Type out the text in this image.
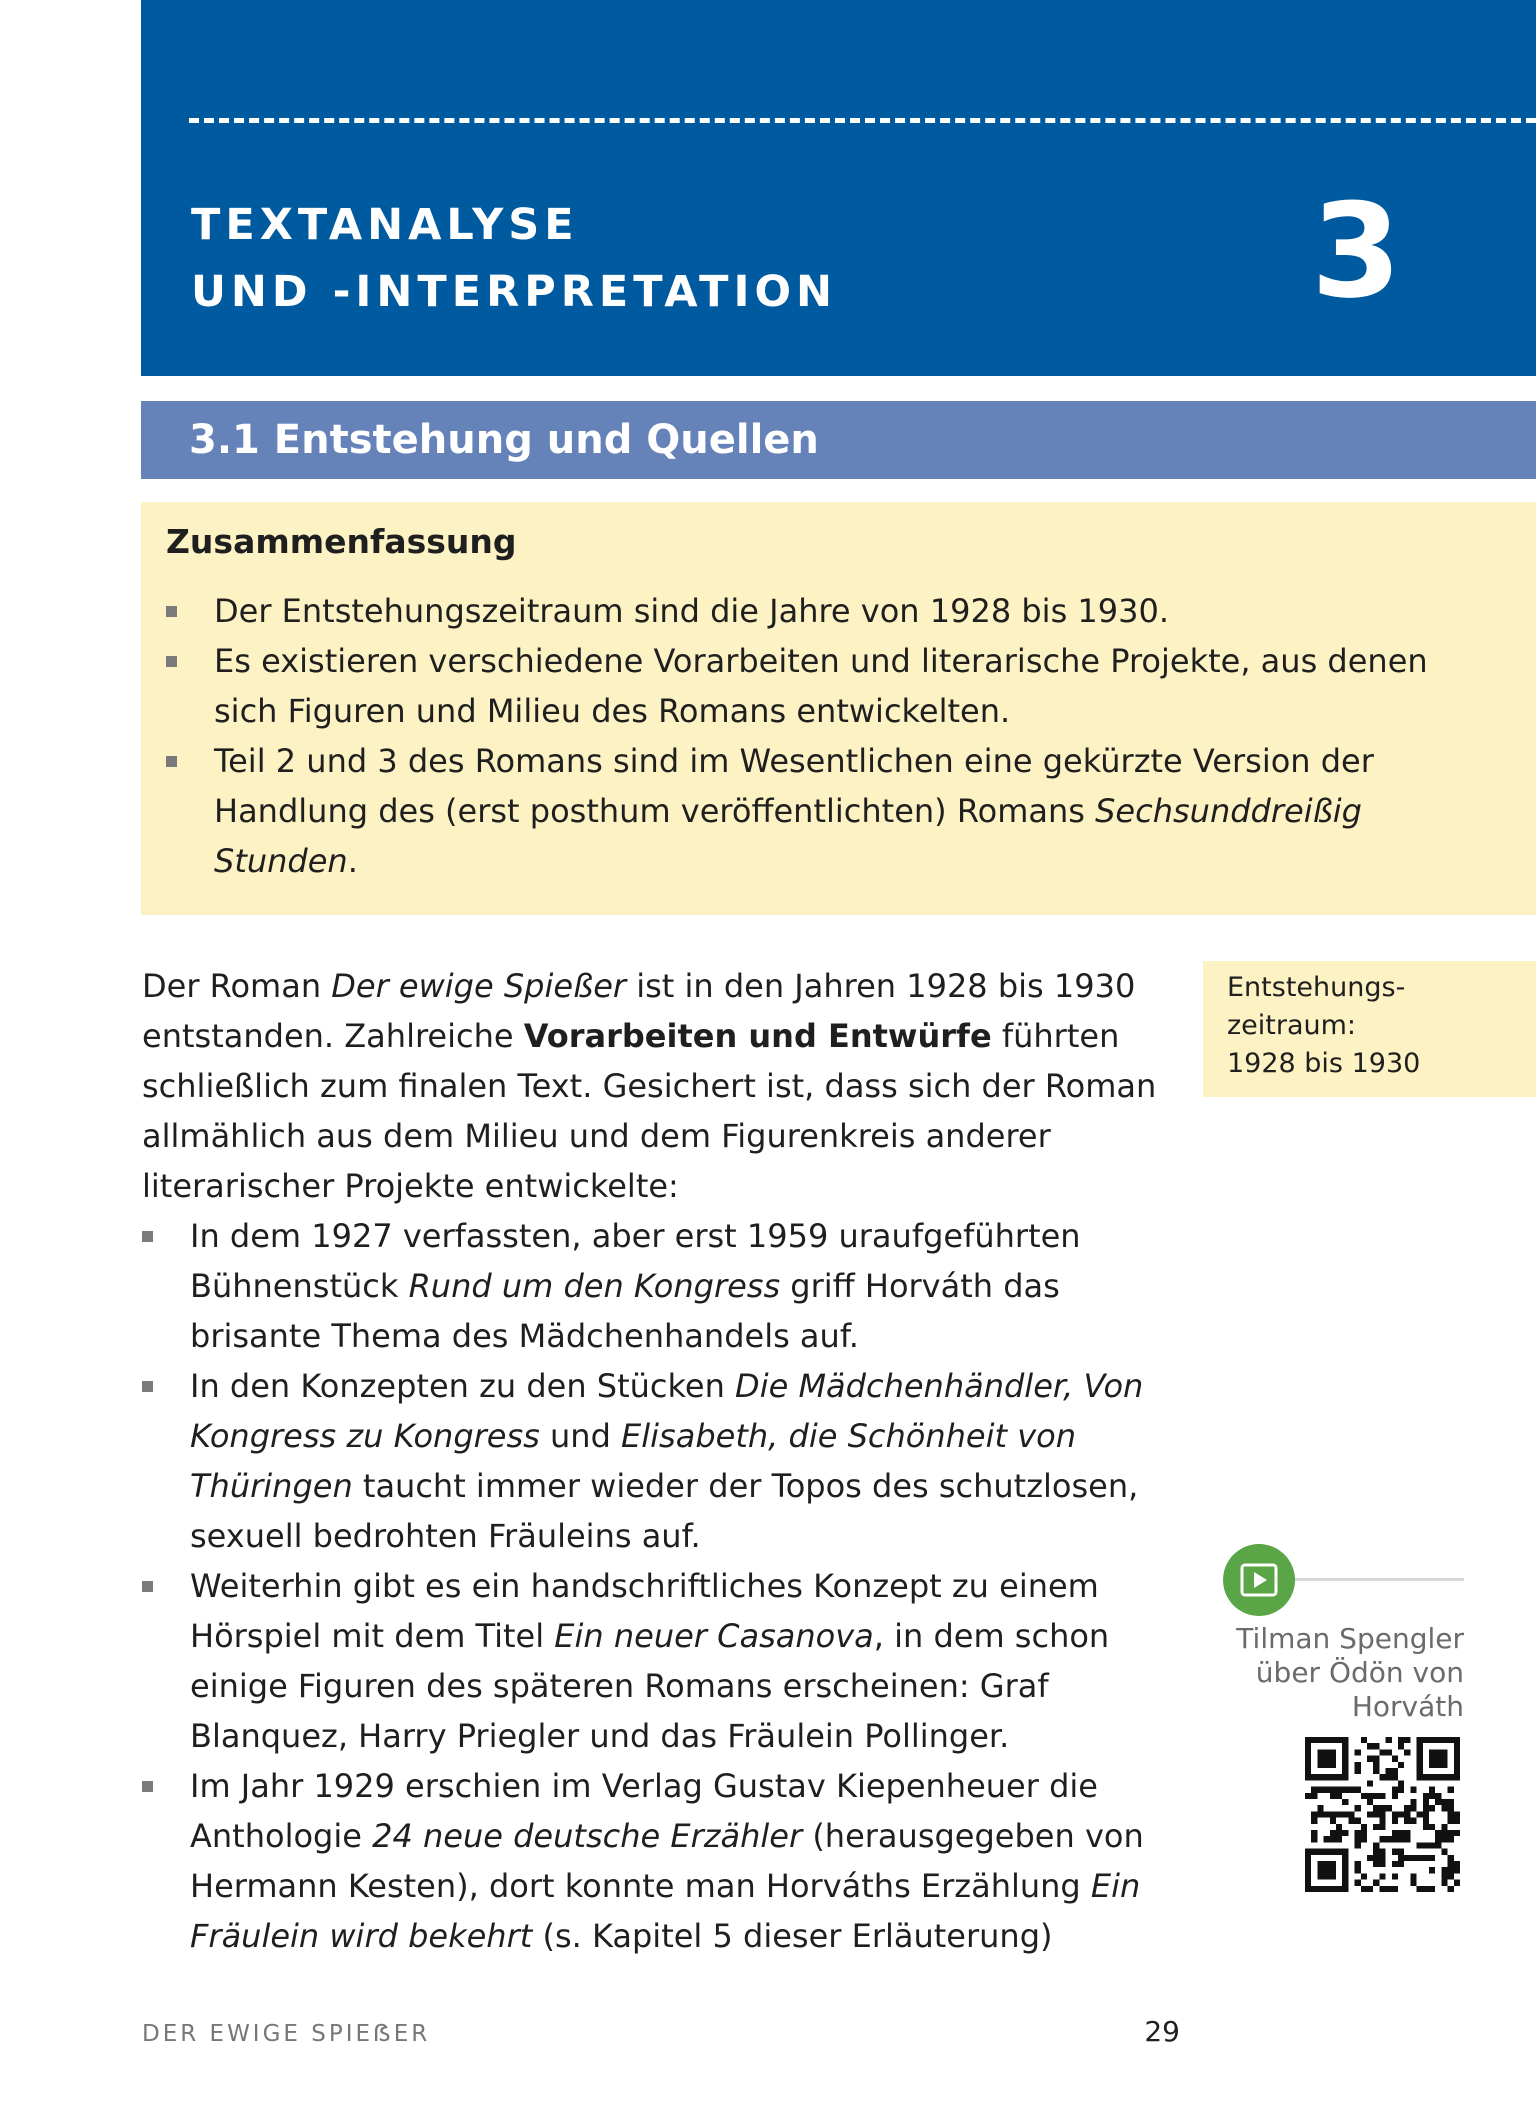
TEXTANALYSE
UND -INTERPRETATION	3
3.1 Entstehung und Quellen
Zusammenfassung
Der Entstehungszeitraum sind die Jahre von 1928 bis 1930.
Es existieren verschiedene Vorarbeiten und literarische Projekte, aus denen sich Figuren und Milieu des Romans entwickelten.
Teil 2 und 3 des Romans sind im Wesentlichen eine gekürzte Version der Handlung des (erst posthum veröffentlichten) Romans Sechsunddreißig Stunden.

Der Roman Der ewige Spießer ist in den Jahren 1928 bis 1930 entstanden. Zahlreiche Vorarbeiten und Entwürfe führten schließlich zum finalen Text. Gesichert ist, dass sich der Roman allmählich aus dem Milieu und dem Figurenkreis anderer literarischer Projekte entwickelte:

In dem 1927 verfassten, aber erst 1959 uraufgeführten Bühnenstück Rund um den Kongress griff Horváth das brisante Thema des Mädchenhandels auf.
In den Konzepten zu den Stücken Die Mädchenhändler, Von Kongress zu Kongress und Elisabeth, die Schönheit von Thüringen taucht immer wieder der Topos des schutzlosen, sexuell bedrohten Fräuleins auf.
Weiterhin gibt es ein handschriftliches Konzept zu einem Hörspiel mit dem Titel Ein neuer Casanova, in dem schon einige Figuren des späteren Romans erscheinen: Graf Blanquez, Harry Priegler und das Fräulein Pollinger.
Im Jahr 1929 erschien im Verlag Gustav Kiepenheuer die Anthologie 24 neue deutsche Erzähler (herausgegeben von Hermann Kesten), dort konnte man Horváths Erzählung Ein Fräulein wird bekehrt (s. Kapitel 5 dieser Erläuterung)
Entstehungs-
zeitraum:
1928 bis 1930
Tilman Spengler
über Ödön von
Horváth
DER EWIGE SPIEẞER	29
